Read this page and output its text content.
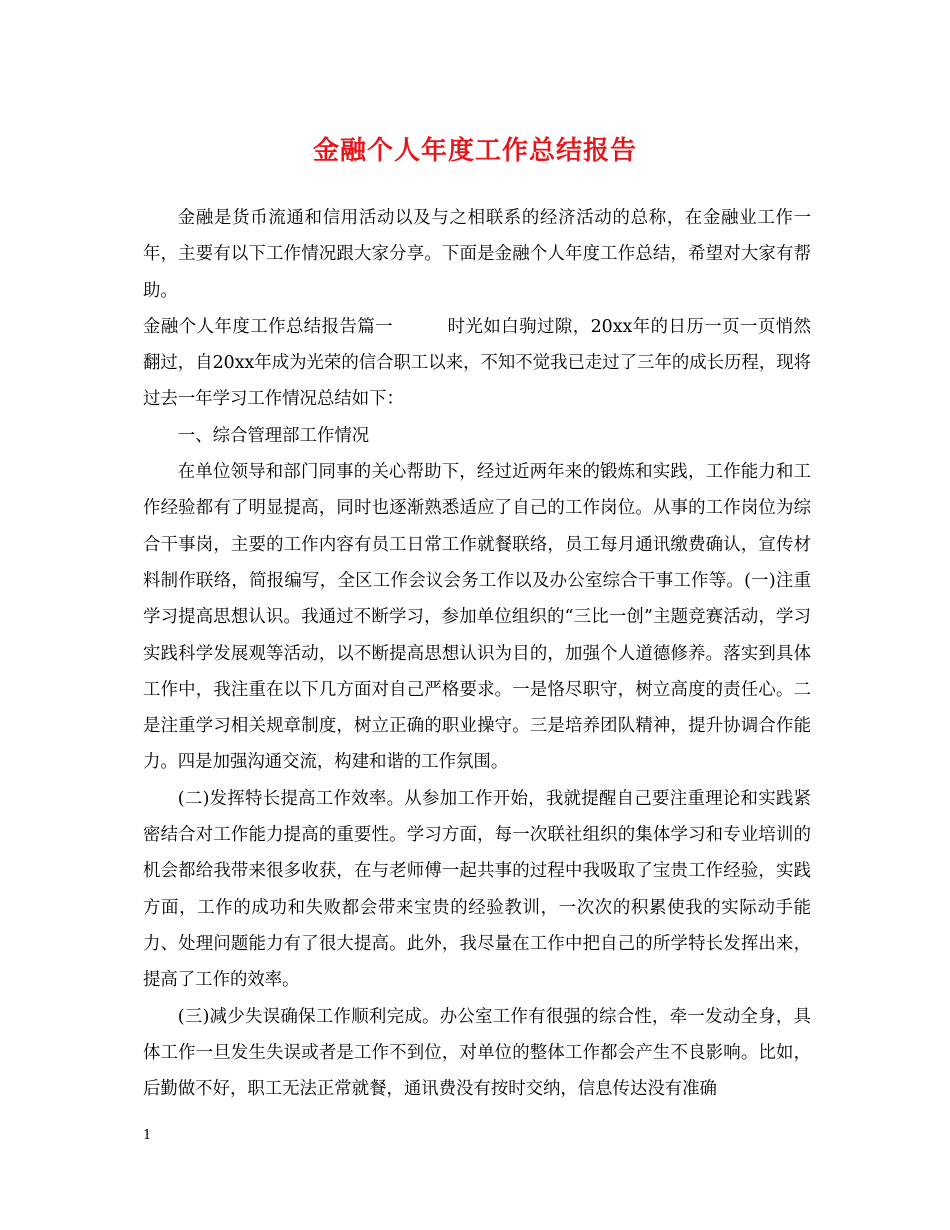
金融个人年度工作总结报告

金融是货币流通和信用活动以及与之相联系的经济活动的总称，在金融业工作一年，主要有以下工作情况跟大家分享。下面是金融个人年度工作总结，希望对大家有帮助。

金融个人年度工作总结报告篇一	时光如白驹过隙，20xx年的日历一页一页悄然翻过，自20xx年成为光荣的信合职工以来，不知不觉我已走过了三年的成长历程，现将过去一年学习工作情况总结如下：

一、综合管理部工作情况

在单位领导和部门同事的关心帮助下，经过近两年来的锻炼和实践，工作能力和工作经验都有了明显提高，同时也逐渐熟悉适应了自己的工作岗位。从事的工作岗位为综合干事岗，主要的工作内容有员工日常工作就餐联络，员工每月通讯缴费确认，宣传材料制作联络，简报编写，全区工作会议会务工作以及办公室综合干事工作等。(一)注重学习提高思想认识。我通过不断学习，参加单位组织的“三比一创”主题竞赛活动，学习实践科学发展观等活动，以不断提高思想认识为目的，加强个人道德修养。落实到具体工作中，我注重在以下几方面对自己严格要求。一是恪尽职守，树立高度的责任心。二是注重学习相关规章制度，树立正确的职业操守。三是培养团队精神，提升协调合作能力。四是加强沟通交流，构建和谐的工作氛围。

(二)发挥特长提高工作效率。从参加工作开始，我就提醒自己要注重理论和实践紧密结合对工作能力提高的重要性。学习方面，每一次联社组织的集体学习和专业培训的机会都给我带来很多收获，在与老师傅一起共事的过程中我吸取了宝贵工作经验，实践方面，工作的成功和失败都会带来宝贵的经验教训，一次次的积累使我的实际动手能力、处理问题能力有了很大提高。此外，我尽量在工作中把自己的所学特长发挥出来，提高了工作的效率。

(三)减少失误确保工作顺利完成。办公室工作有很强的综合性，牵一发动全身，具体工作一旦发生失误或者是工作不到位，对单位的整体工作都会产生不良影响。比如，后勤做不好，职工无法正常就餐，通讯费没有按时交纳，信息传达没有准确

1
